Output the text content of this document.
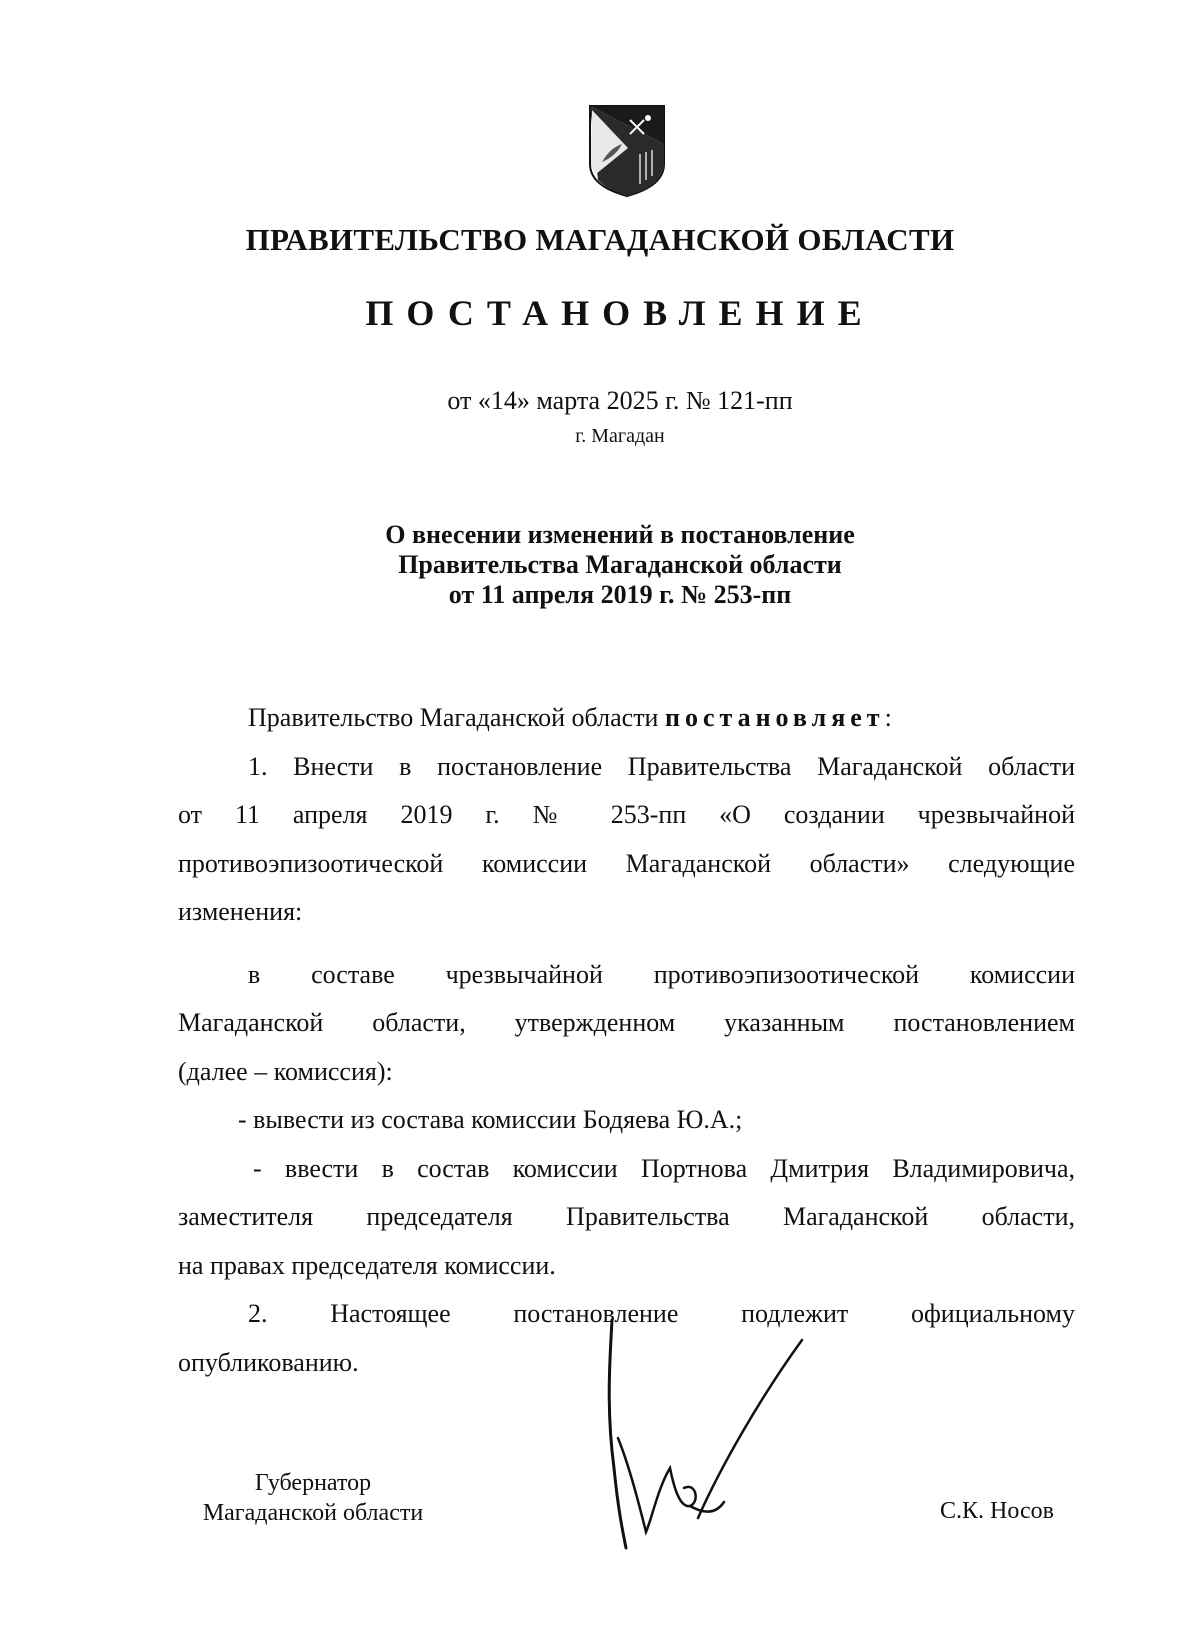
ПРАВИТЕЛЬСТВО МАГАДАНСКОЙ ОБЛАСТИ
ПОСТАНОВЛЕНИЕ
от «14» марта 2025 г. № 121-пп
г. Магадан
О внесении изменений в постановление
Правительства Магаданской области
от 11 апреля 2019 г. № 253-пп
Правительство Магаданской области постановляет:
1. Внести в постановление Правительства Магаданской области
от 11 апреля 2019 г. № 253-пп «О создании чрезвычайной
противоэпизоотической комиссии Магаданской области» следующие
изменения:
в составе чрезвычайной противоэпизоотической комиссии
Магаданской области, утвержденном указанным постановлением
(далее – комиссия):
- вывести из состава комиссии Бодяева Ю.А.;
- ввести в состав комиссии Портнова Дмитрия Владимировича,
заместителя председателя Правительства Магаданской области,
на правах председателя комиссии.
2. Настоящее постановление подлежит официальному
опубликованию.
Губернатор
Магаданской области	С.К. Носов
